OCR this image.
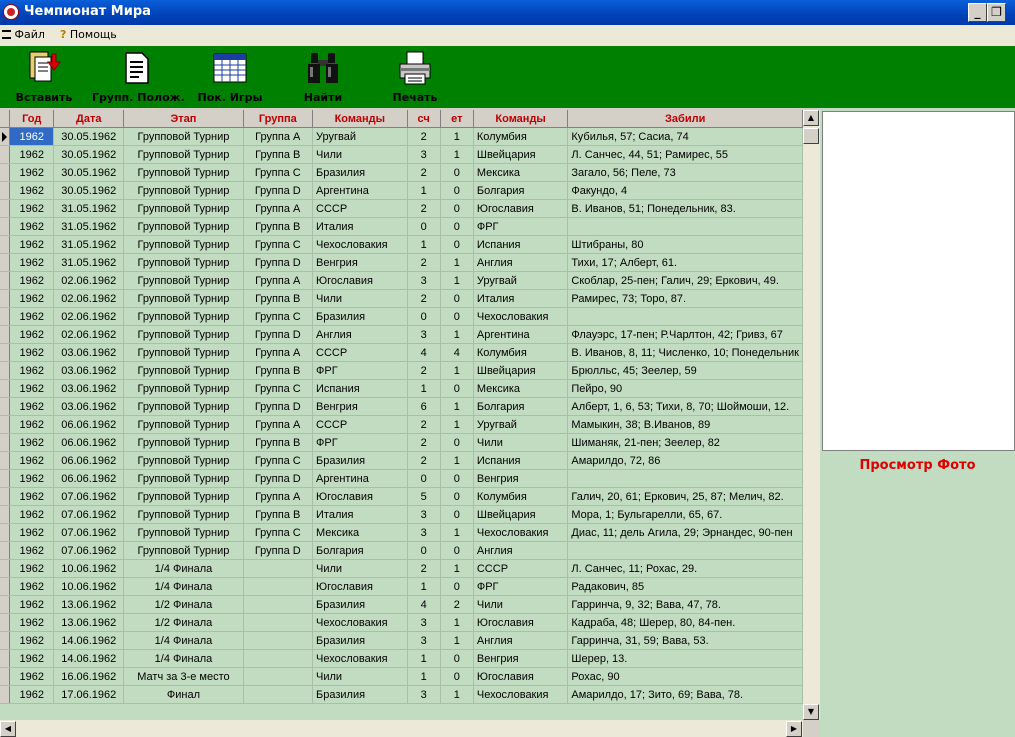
Чемпионат Мира	_ ❐
Файл ? Помощь
Вставить Групп. Полож. Пок. Игры	Найти	Печать
	Год	Дата	Этап	Группа	Команды	сч	ет	Команды	Забили

	1962	30.05.1962	Групповой Турнир	Группа A	Уругвай	2	1	Колумбия	Кубилья, 57; Сасиа, 74
	1962	30.05.1962	Групповой Турнир	Группа B	Чили	3	1	Швейцария	Л. Санчес, 44, 51; Рамирес, 55
	1962	30.05.1962	Групповой Турнир	Группа C	Бразилия	2	0	Мексика	Загало, 56; Пеле, 73
	1962	30.05.1962	Групповой Турнир	Группа D	Аргентина	1	0	Болгария	Факундо, 4
	1962	31.05.1962	Групповой Турнир	Группа A	СССР	2	0	Югославия	В. Иванов, 51; Понедельник, 83.
	1962	31.05.1962	Групповой Турнир	Группа B	Италия	0	0	ФРГ	
	1962	31.05.1962	Групповой Турнир	Группа C	Чехословакия	1	0	Испания	Штибраны, 80
	1962	31.05.1962	Групповой Турнир	Группа D	Венгрия	2	1	Англия	Тихи, 17; Алберт, 61.
	1962	02.06.1962	Групповой Турнир	Группа A	Югославия	3	1	Уругвай	Скоблар, 25-пен; Галич, 29; Еркович, 49.
	1962	02.06.1962	Групповой Турнир	Группа B	Чили	2	0	Италия	Рамирес, 73; Торо, 87.
	1962	02.06.1962	Групповой Турнир	Группа C	Бразилия	0	0	Чехословакия	
	1962	02.06.1962	Групповой Турнир	Группа D	Англия	3	1	Аргентина	Флауэрс, 17-пен; Р.Чарлтон, 42; Гривз, 67
	1962	03.06.1962	Групповой Турнир	Группа A	СССР	4	4	Колумбия	В. Иванов, 8, 11; Численко, 10; Понедельник
	1962	03.06.1962	Групповой Турнир	Группа B	ФРГ	2	1	Швейцария	Брюлльс, 45; Зеелер, 59
	1962	03.06.1962	Групповой Турнир	Группа C	Испания	1	0	Мексика	Пейро, 90
	1962	03.06.1962	Групповой Турнир	Группа D	Венгрия	6	1	Болгария	Алберт, 1, 6, 53; Тихи, 8, 70; Шоймоши, 12.
	1962	06.06.1962	Групповой Турнир	Группа A	СССР	2	1	Уругвай	Мамыкин, 38; В.Иванов, 89
	1962	06.06.1962	Групповой Турнир	Группа B	ФРГ	2	0	Чили	Шиманяк, 21-пен; Зеелер, 82
	1962	06.06.1962	Групповой Турнир	Группа C	Бразилия	2	1	Испания	Амарилдо, 72, 86
	1962	06.06.1962	Групповой Турнир	Группа D	Аргентина	0	0	Венгрия	
	1962	07.06.1962	Групповой Турнир	Группа A	Югославия	5	0	Колумбия	Галич, 20, 61; Еркович, 25, 87; Мелич, 82.
	1962	07.06.1962	Групповой Турнир	Группа B	Италия	3	0	Швейцария	Мора, 1; Бульгарелли, 65, 67.
	1962	07.06.1962	Групповой Турнир	Группа C	Мексика	3	1	Чехословакия	Диас, 11; дель Агила, 29; Эрнандес, 90-пен
	1962	07.06.1962	Групповой Турнир	Группа D	Болгария	0	0	Англия	
	1962	10.06.1962	1/4 Финала		Чили	2	1	СССР	Л. Санчес, 11; Рохас, 29.
	1962	10.06.1962	1/4 Финала		Югославия	1	0	ФРГ	Радакович, 85
	1962	13.06.1962	1/2 Финала		Бразилия	4	2	Чили	Гарринча, 9, 32; Вава, 47, 78.
	1962	13.06.1962	1/2 Финала		Чехословакия	3	1	Югославия	Кадраба, 48; Шерер, 80, 84-пен.
	1962	14.06.1962	1/4 Финала		Бразилия	3	1	Англия	Гарринча, 31, 59; Вава, 53.
	1962	14.06.1962	1/4 Финала		Чехословакия	1	0	Венгрия	Шерер, 13.
	1962	16.06.1962	Матч за 3-е место		Чили	1	0	Югославия	Рохас, 90
	1962	17.06.1962	Финал		Бразилия	3	1	Чехословакия	Амарилдо, 17; Зито, 69; Вава, 78.
▲
▼
◀	▶
Просмотр Фото
